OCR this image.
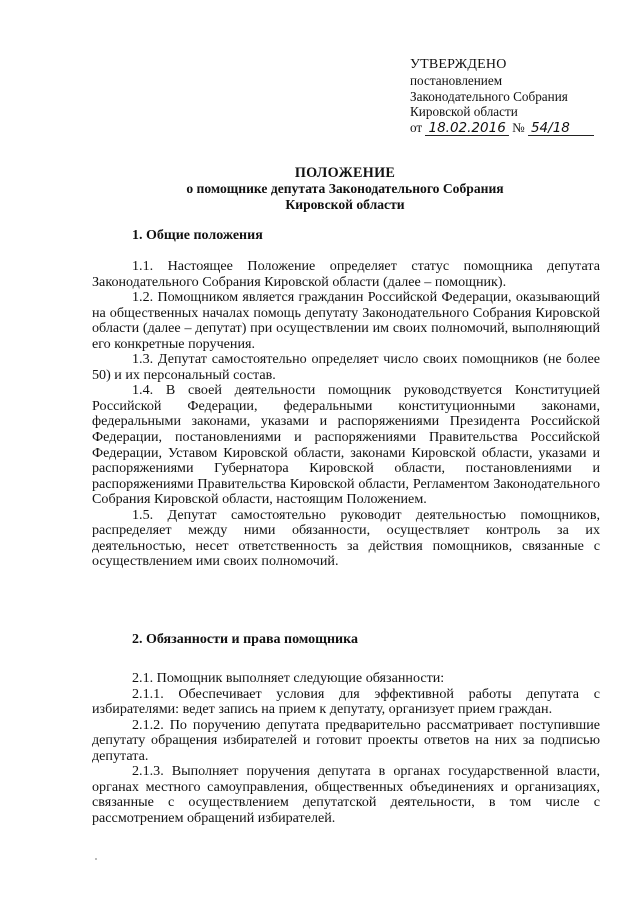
УТВЕРЖДЕНО
постановлением
Законодательного Собрания
Кировской области
от 18.02.2016 № 54/18
ПОЛОЖЕНИЕ
о помощнике депутата Законодательного Собрания
Кировской области
1. Общие положения

1.1. Настоящее Положение определяет статус помощника депутата Законодательного Собрания Кировской области (далее – помощник).

1.2. Помощником является гражданин Российской Федерации, оказывающий на общественных началах помощь депутату Законодательного Собрания Кировской области (далее – депутат) при осуществлении им своих полномочий, выполняющий его конкретные поручения.

1.3. Депутат самостоятельно определяет число своих помощников (не более 50) и их персональный состав.

1.4. В своей деятельности помощник руководствуется Конституцией Российской Федерации, федеральными конституционными законами, федеральными законами, указами и распоряжениями Президента Российской Федерации, постановлениями и распоряжениями Правительства Российской Федерации, Уставом Кировской области, законами Кировской области, указами и распоряжениями Губернатора Кировской области, постановлениями и распоряжениями Правительства Кировской области, Регламентом Законодательного Собрания Кировской области, настоящим Положением.

1.5. Депутат самостоятельно руководит деятельностью помощников, распределяет между ними обязанности, осуществляет контроль за их деятельностью, несет ответственность за действия помощников, связанные с осуществлением ими своих полномочий.

2. Обязанности и права помощника

2.1. Помощник выполняет следующие обязанности:

2.1.1. Обеспечивает условия для эффективной работы депутата с избирателями: ведет запись на прием к депутату, организует прием граждан.

2.1.2. По поручению депутата предварительно рассматривает поступившие депутату обращения избирателей и готовит проекты ответов на них за подписью депутата.

2.1.3. Выполняет поручения депутата в органах государственной власти, органах местного самоуправления, общественных объединениях и организациях, связанные с осуществлением депутатской деятельности, в том числе с рассмотрением обращений избирателей.
